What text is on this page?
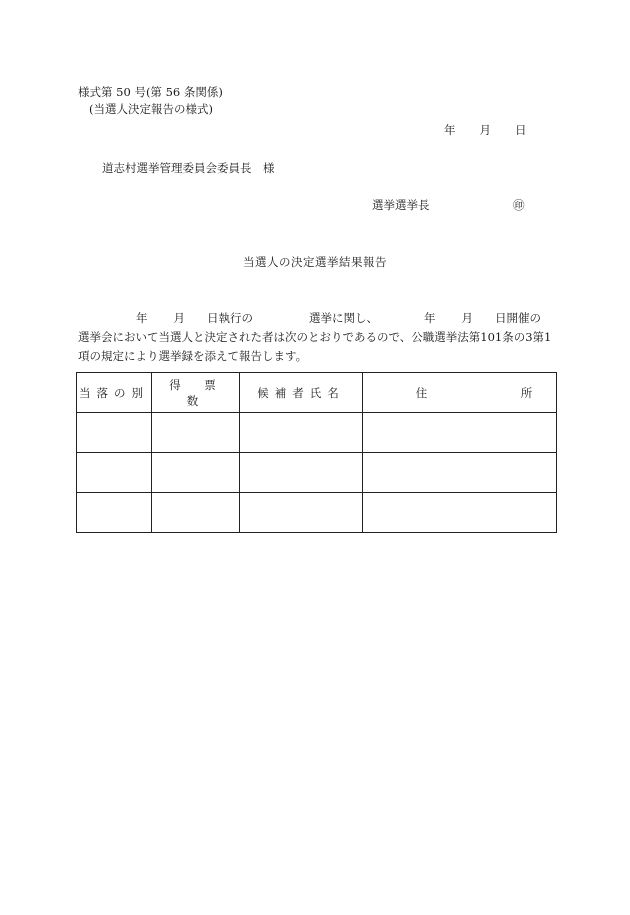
様式第 50 号(第 56 条関係)
(当選人決定報告の様式)
年 月 日
道志村選挙管理委員会委員長　様
選挙選挙長	㊞
当選人の決定選挙結果報告
年 月 日執行の	選挙に関し、	年 月 日開催の
選挙会において当選人と決定された者は次のとおりであるので、公職選挙法第101条の3第1
項の規定により選挙録を添えて報告します。
当落の別	得　票　数	候補者氏名	住 所
